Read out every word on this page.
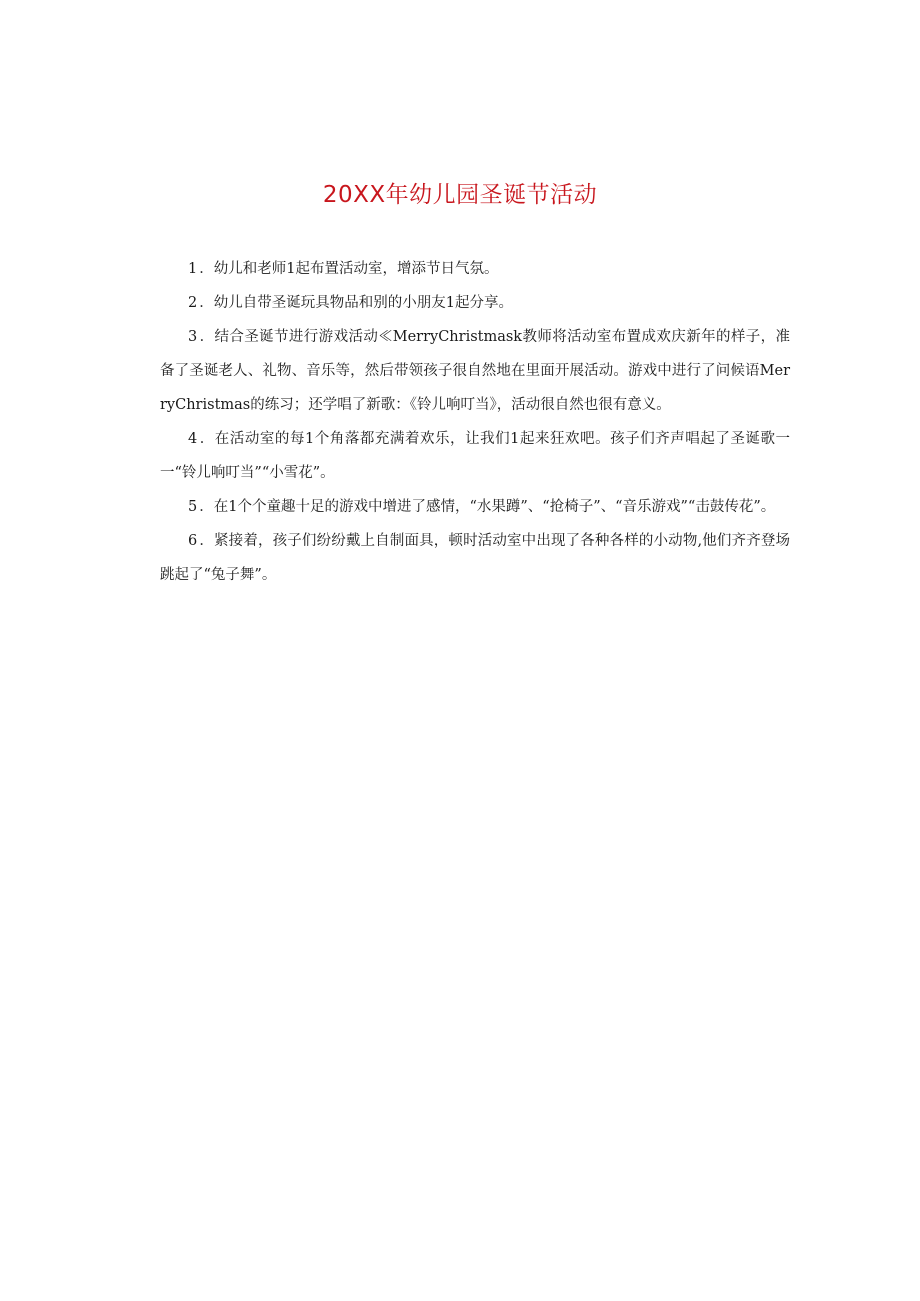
20XX年幼儿园圣诞节活动

1 ．幼儿和老师1起布置活动室，增添节日气氛。

2 ．幼儿自带圣诞玩具物品和别的小朋友1起分享。

3 ．结合圣诞节进行游戏活动≪MerryChristmask教师将活动室布置成欢庆新年的样子，准备了圣诞老人、礼物、音乐等，然后带领孩子很自然地在里面开展活动。游戏中进行了问候语MerryChristmas的练习；还学唱了新歌：《铃儿响叮当》，活动很自然也很有意义。

4 ．在活动室的每1个角落都充满着欢乐，让我们1起来狂欢吧。孩子们齐声唱起了圣诞歌一一“铃儿响叮当”“小雪花”。

5 ．在1个个童趣十足的游戏中增进了感情，“水果蹲”、“抢椅子”、“音乐游戏”“击鼓传花”。

6 ．紧接着，孩子们纷纷戴上自制面具，顿时活动室中出现了各种各样的小动物,他们齐齐登场跳起了“兔子舞”。
